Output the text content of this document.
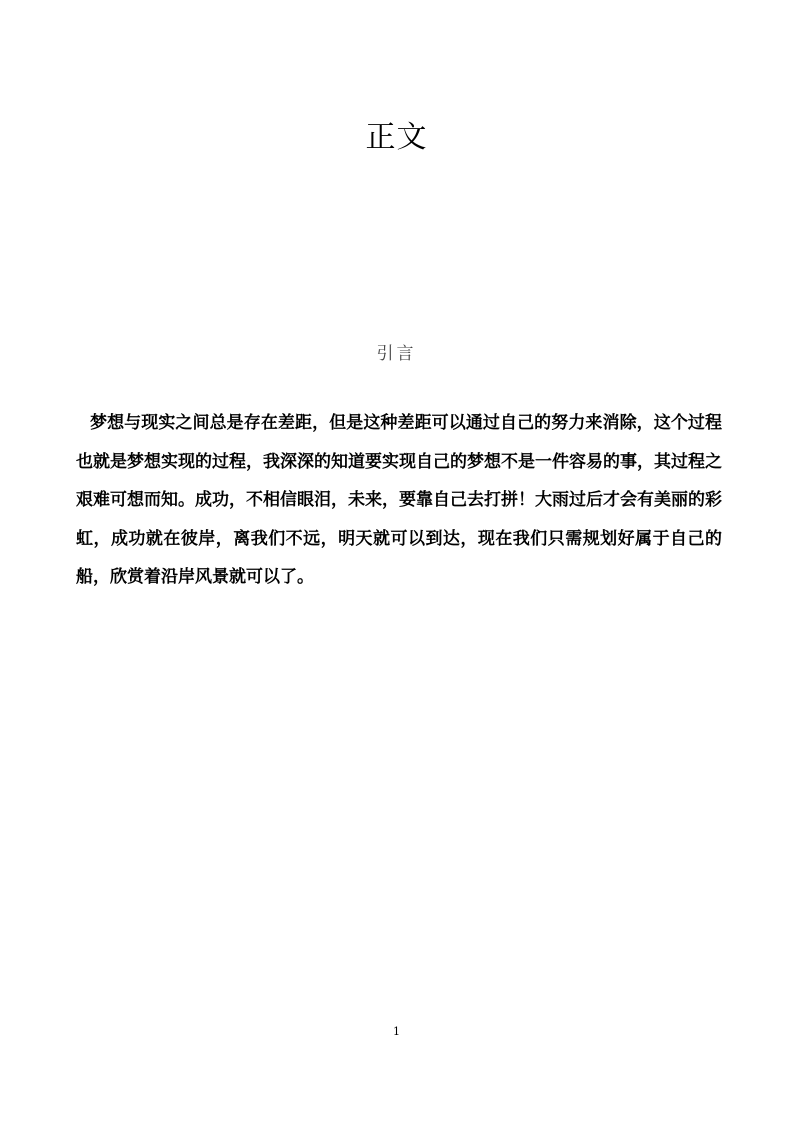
正文
引言

梦想与现实之间总是存在差距，但是这种差距可以通过自己的努力来消除，这个过程也就是梦想实现的过程，我深深的知道要实现自己的梦想不是一件容易的事，其过程之艰难可想而知。成功，不相信眼泪，未来，要靠自己去打拼！大雨过后才会有美丽的彩虹，成功就在彼岸，离我们不远，明天就可以到达，现在我们只需规划好属于自己的船，欣赏着沿岸风景就可以了。

1
